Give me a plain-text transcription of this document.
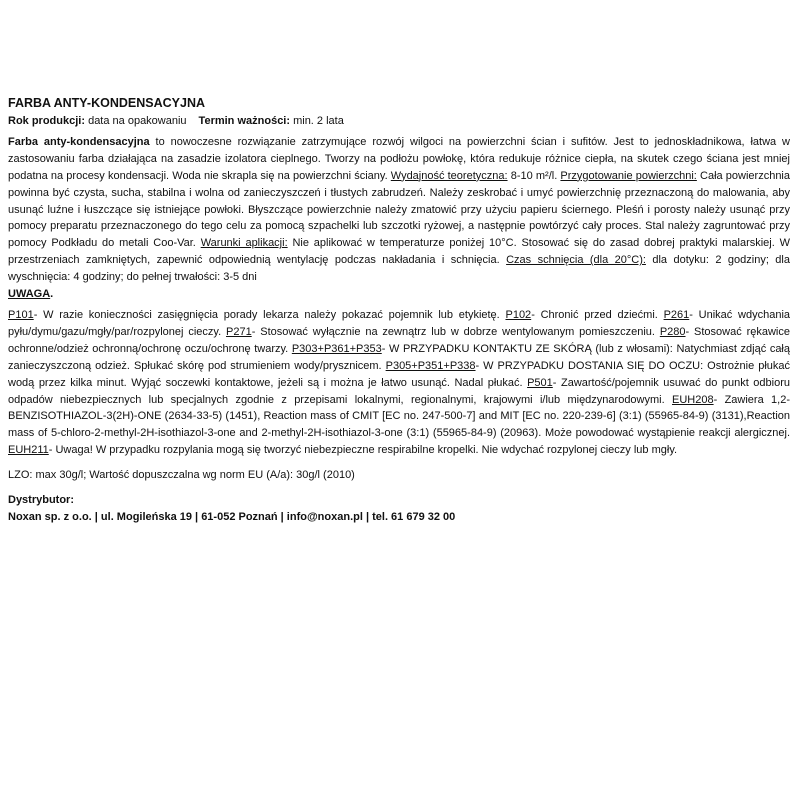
FARBA ANTY-KONDENSACYJNA

Rok produkcji: data na opakowaniu Termin ważności: min. 2 lata

Farba anty-kondensacyjna to nowoczesne rozwiązanie zatrzymujące rozwój wilgoci na powierzchni ścian i sufitów. Jest to jednoskładnikowa, łatwa w zastosowaniu farba działająca na zasadzie izolatora cieplnego. Tworzy na podłożu powłokę, która redukuje różnice ciepła, na skutek czego ściana jest mniej podatna na procesy kondensacji. Woda nie skrapla się na powierzchni ściany. Wydajność teoretyczna: 8-10 m²/l. Przygotowanie powierzchni: Cała powierzchnia powinna być czysta, sucha, stabilna i wolna od zanieczyszczeń i tłustych zabrudzeń. Należy zeskrobać i umyć powierzchnię przeznaczoną do malowania, aby usunąć luźne i łuszczące się istniejące powłoki. Błyszczące powierzchnie należy zmatowić przy użyciu papieru ściernego. Pleśń i porosty należy usunąć przy pomocy preparatu przeznaczonego do tego celu za pomocą szpachelki lub szczotki ryżowej, a następnie powtórzyć cały proces. Stal należy zagruntować przy pomocy Podkładu do metali Coo-Var. Warunki aplikacji: Nie aplikować w temperaturze poniżej 10°C. Stosować się do zasad dobrej praktyki malarskiej. W przestrzeniach zamkniętych, zapewnić odpowiednią wentylację podczas nakładania i schnięcia. Czas schnięcia (dla 20°C): dla dotyku: 2 godziny; dla wyschnięcia: 4 godziny; do pełnej trwałości: 3-5 dni

UWAGA.

P101- W razie konieczności zasięgnięcia porady lekarza należy pokazać pojemnik lub etykietę. P102- Chronić przed dziećmi. P261- Unikać wdychania pyłu/dymu/gazu/mgły/par/rozpylonej cieczy. P271- Stosować wyłącznie na zewnątrz lub w dobrze wentylowanym pomieszczeniu. P280- Stosować rękawice ochronne/odzież ochronną/ochronę oczu/ochronę twarzy. P303+P361+P353- W PRZYPADKU KONTAKTU ZE SKÓRĄ (lub z włosami): Natychmiast zdjąć całą zanieczyszczoną odzież. Spłukać skórę pod strumieniem wody/prysznicem. P305+P351+P338- W PRZYPADKU DOSTANIA SIĘ DO OCZU: Ostrożnie płukać wodą przez kilka minut. Wyjąć soczewki kontaktowe, jeżeli są i można je łatwo usunąć. Nadal płukać. P501- Zawartość/pojemnik usuwać do punkt odbioru odpadów niebezpiecznych lub specjalnych zgodnie z przepisami lokalnymi, regionalnymi, krajowymi i/lub międzynarodowymi. EUH208- Zawiera 1,2-BENZISOTHIAZOL-3(2H)-ONE (2634-33-5) (1451), Reaction mass of CMIT [EC no. 247-500-7] and MIT [EC no. 220-239-6] (3:1) (55965-84-9) (3131),Reaction mass of 5-chloro-2-methyl-2H-isothiazol-3-one and 2-methyl-2H-isothiazol-3-one (3:1) (55965-84-9) (20963). Może powodować wystąpienie reakcji alergicznej. EUH211- Uwaga! W przypadku rozpylania mogą się tworzyć niebezpieczne respirabilne kropelki. Nie wdychać rozpylonej cieczy lub mgły.

LZO: max 30g/l; Wartość dopuszczalna wg norm EU (A/a): 30g/l (2010)

Dystrybutor:

Noxan sp. z o.o. | ul. Mogileńska 19 | 61-052 Poznań | info@noxan.pl | tel. 61 679 32 00
